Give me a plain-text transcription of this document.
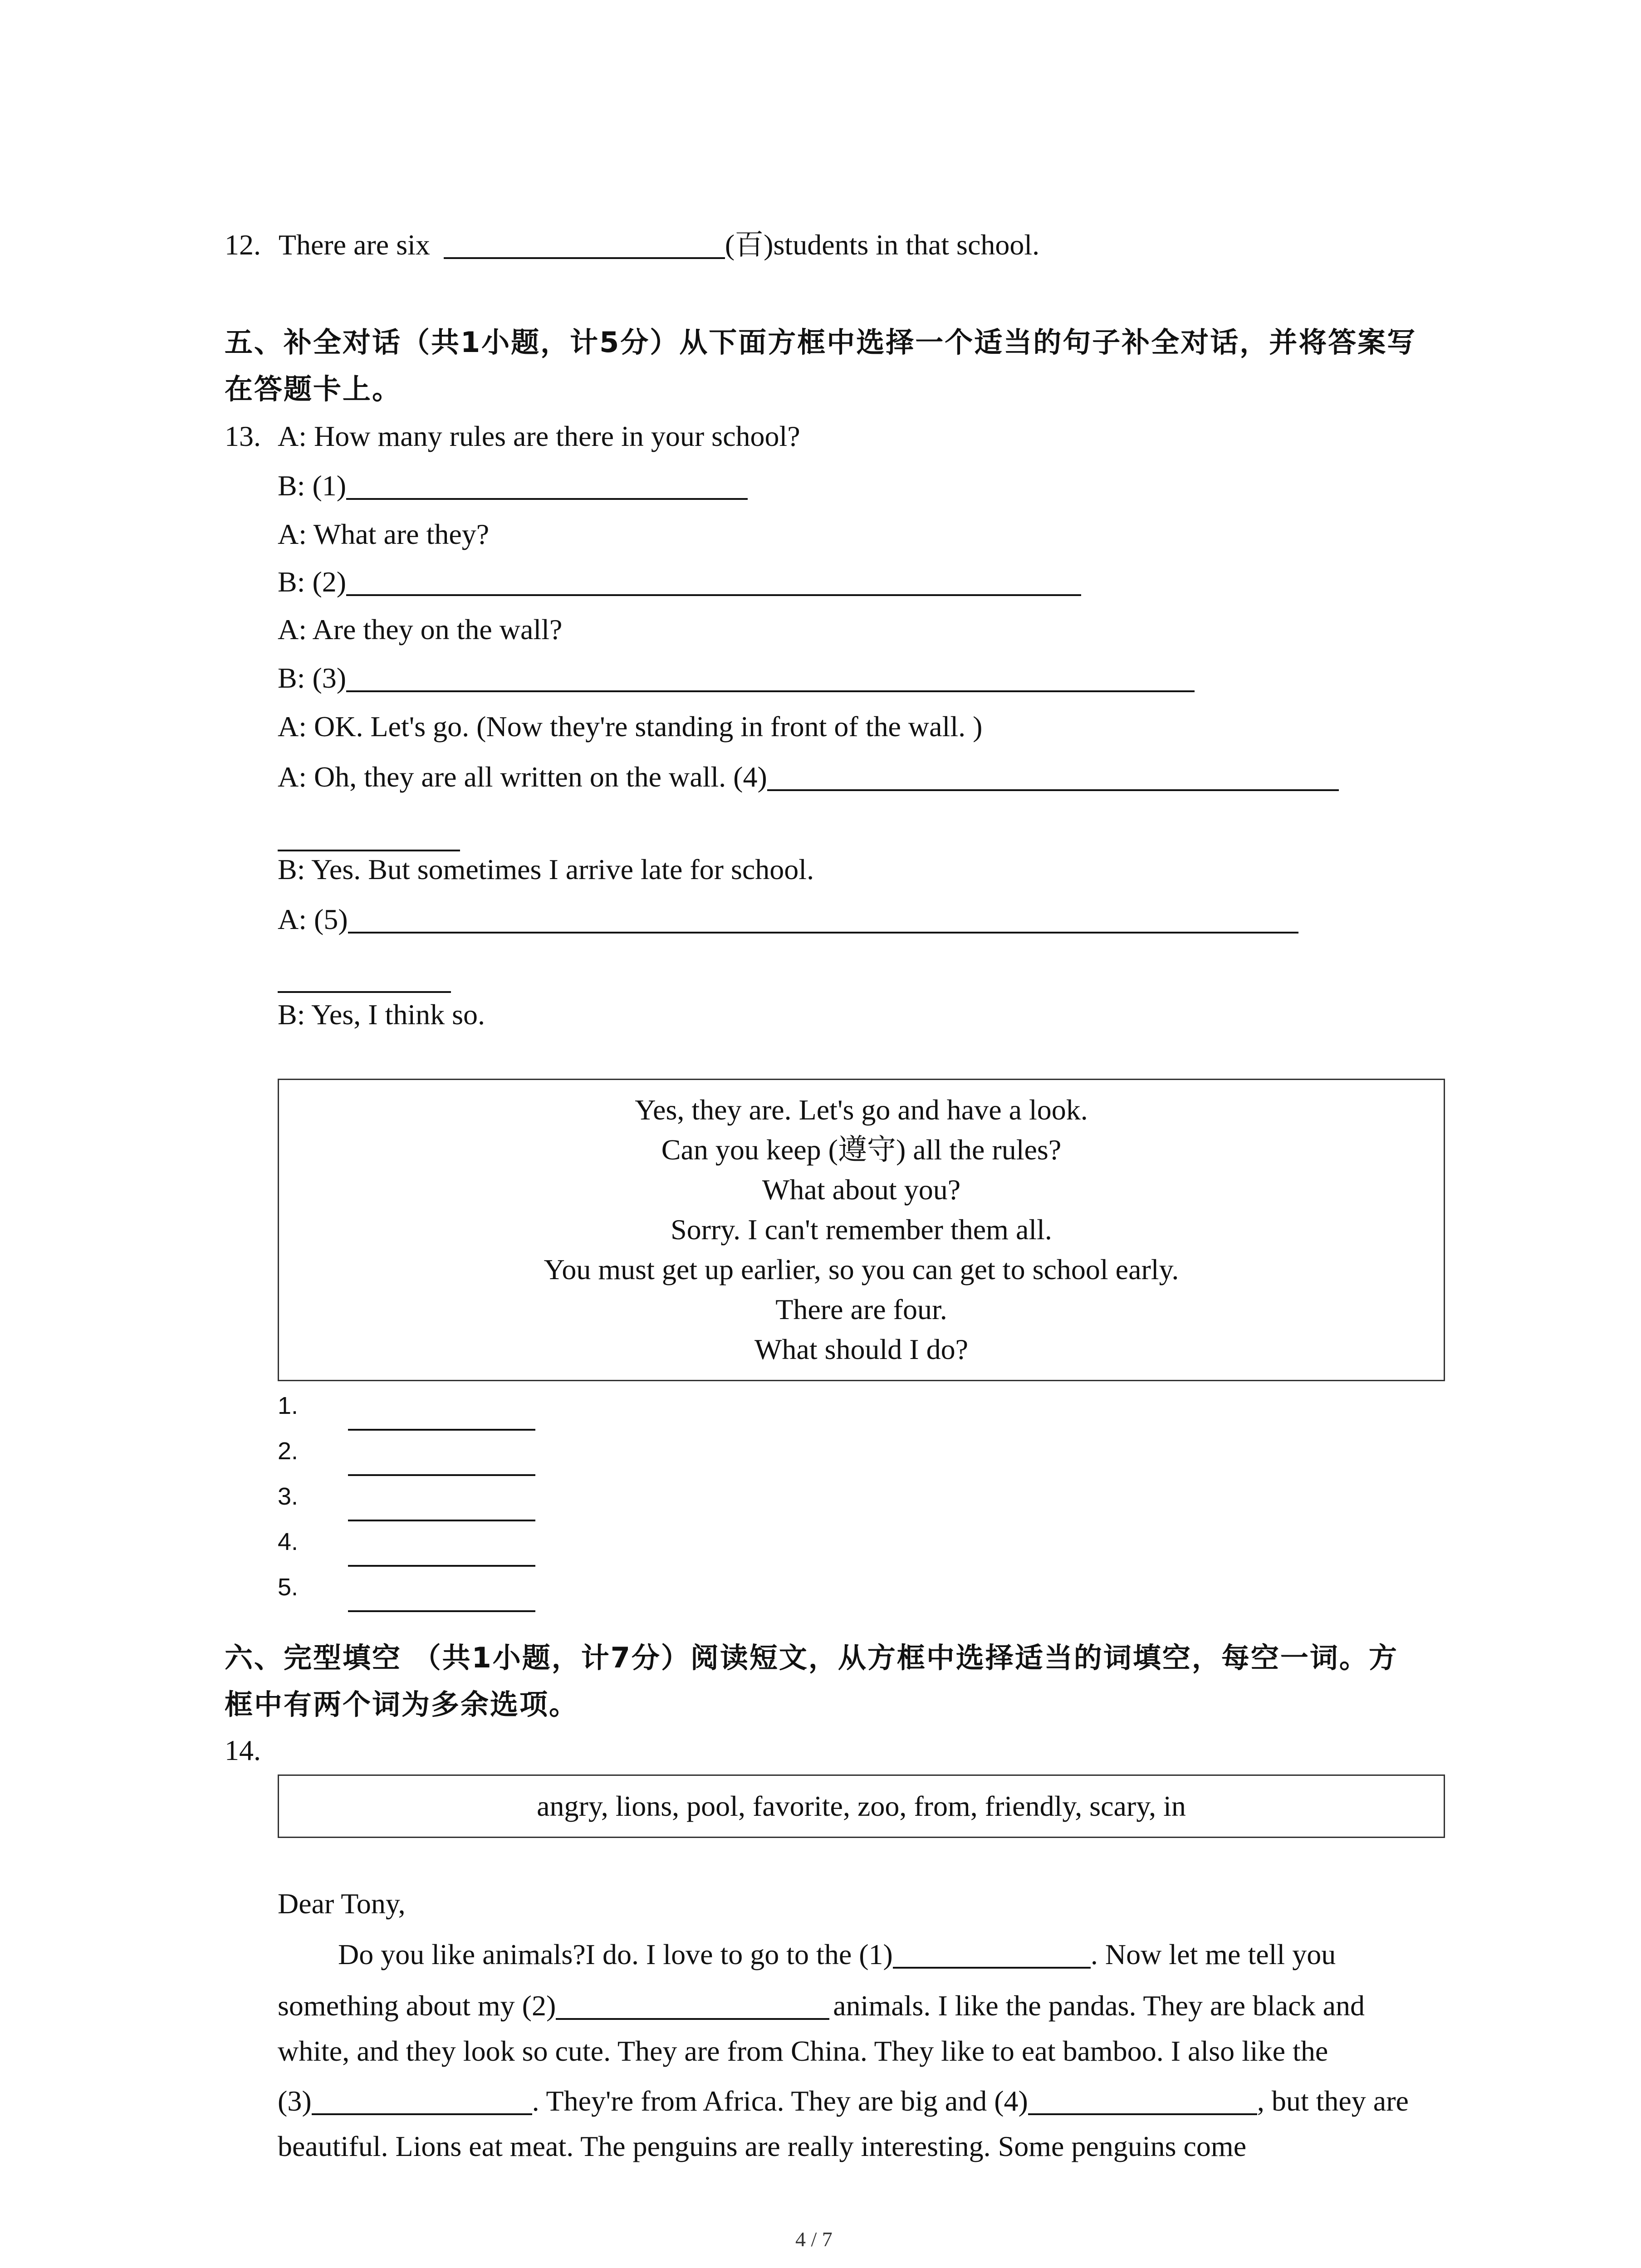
12. There are six	(百)students in that school.
五、补全对话（共1小题，计5分）从下面方框中选择一个适当的句子补全对话，并将答案写
在答题卡上。
13. A: How many rules are there in your school?
B: (1)
A: What are they?
B: (2)
A: Are they on the wall?
B: (3)
A: OK. Let's go. (Now they're standing in front of the wall. )
A: Oh, they are all written on the wall. (4)
B: Yes. But sometimes I arrive late for school.
A: (5)
B: Yes, I think so.
Yes, they are. Let's go and have a look.
Can you keep (遵守) all the rules?
What about you?
Sorry. I can't remember them all.
You must get up earlier, so you can get to school early.
There are four.
What should I do?
1.
2.
3.
4.
5.
六、完型填空 （共1小题，计7分）阅读短文，从方框中选择适当的词填空，每空一词。方
框中有两个词为多余选项。
14.
angry, lions, pool, favorite, zoo, from, friendly, scary, in
Dear Tony,
Do you like animals?I do. I love to go to the (1)	. Now let me tell you
something about my (2)	animals. I like the pandas. They are black and
white, and they look so cute. They are from China. They like to eat bamboo. I also like the
(3)	. They're from Africa. They are big and (4)	, but they are
beautiful. Lions eat meat. The penguins are really interesting. Some penguins come
4 / 7
